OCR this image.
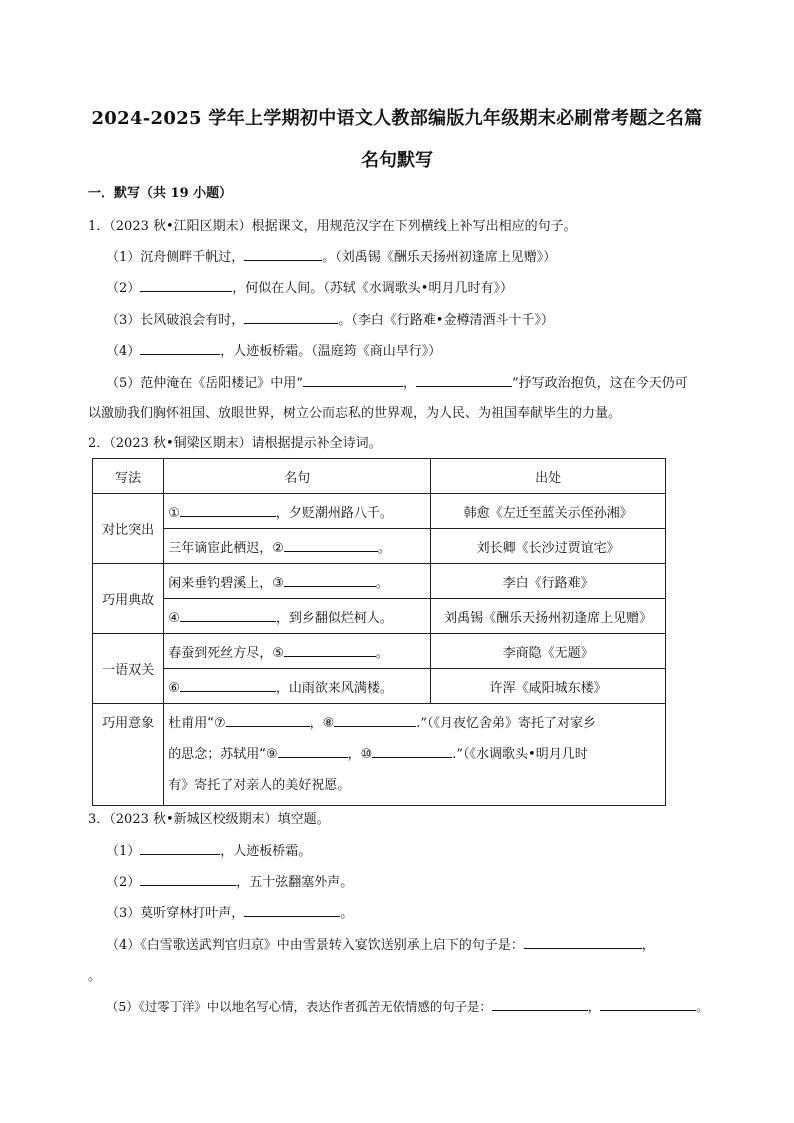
2024-2025 学年上学期初中语文人教部编版九年级期末必刷常考题之名篇
名句默写
一．默写（共 19 小题）
1．（2023 秋•江阳区期末）根据课文，用规范汉字在下列横线上补写出相应的句子。
（1）沉舟侧畔千帆过，	。（刘禹锡《酬乐天扬州初逢席上见赠》）
（2）	，何似在人间。（苏轼《水调歌头•明月几时有》）
（3）长风破浪会有时，	。（李白《行路难•金樽清酒斗十千》）
（4）	，人迹板桥霜。（温庭筠《商山早行》）
（5）范仲淹在《岳阳楼记》中用“	，	”抒写政治抱负，这在今天仍可
以激励我们胸怀祖国、放眼世界，树立公而忘私的世界观，为人民、为祖国奉献毕生的力量。
2．（2023 秋•铜梁区期末）请根据提示补全诗词。
写法	名句	出处
对比突出	① ，夕贬潮州路八千。	韩愈《左迁至蓝关示侄孙湘》
	三年谪宦此栖迟，② 。	刘长卿《长沙过贾谊宅》
巧用典故	闲来垂钓碧溪上，③ 。	李白《行路难》
	④ ，到乡翻似烂柯人。	刘禹锡《酬乐天扬州初逢席上见赠》
一语双关	春蚕到死丝方尽，⑤ 。	李商隐《无题》
	⑥ ，山雨欲来风满楼。	许浑《咸阳城东楼》
巧用意象	杜甫用“⑦ ，⑧ .”（《月夜忆舍弟》寄托了对家乡
的思念；苏轼用“⑨ ，⑩ .”（《水调歌头•明月几时
有》寄托了对亲人的美好祝愿。	
3．（2023 秋•新城区校级期末）填空题。
（1）	，人迹板桥霜。
（2）	，五十弦翻塞外声。
（3）莫听穿林打叶声，	。
（4）《白雪歌送武判官归京》中由雪景转入宴饮送别承上启下的句子是：	，
。
（5）《过零丁洋》中以地名写心情，表达作者孤苦无依情感的句子是：	，	。
